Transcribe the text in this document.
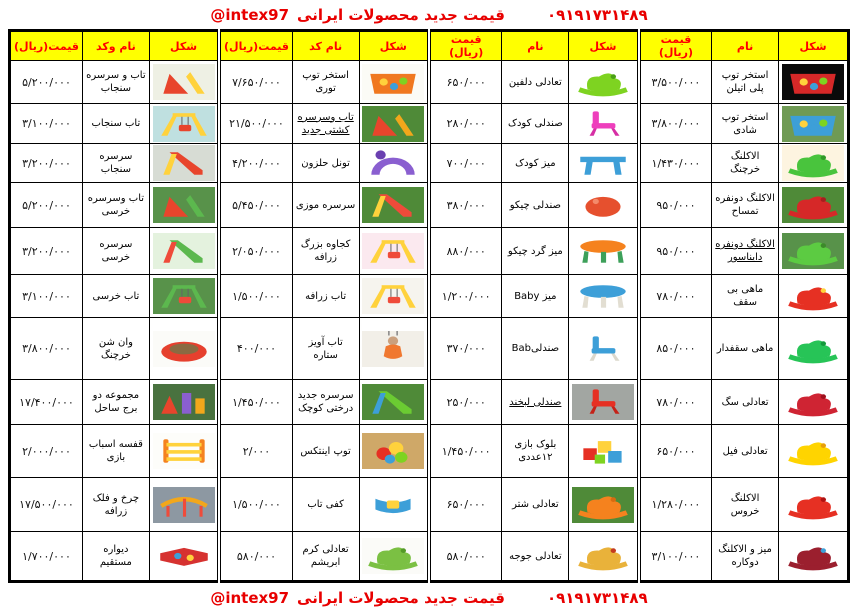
۰۹۱۹۱۷۳۱۴۸۹
قیمت جدید محصولات ایرانی
@intex97
قیمت(ریال)	نام وکد	شکل	قیمت(ریال)	نام کد	شکل	قیمت (ریال)	نام	شکل	قیمت (ریال)	نام	شکل
۵/۲۰۰/۰۰۰	تاب و سرسره سنجاب		۷/۶۵۰/۰۰۰	استخر توپ توری		۶۵۰/۰۰۰	تعادلی دلفین		۳/۵۰۰/۰۰۰	استخر توپ پلی اتیلن	

۳/۱۰۰/۰۰۰	تاب سنجاب		۲۱/۵۰۰/۰۰۰	تاب وسرسره کشتی جدید		۲۸۰/۰۰۰	صندلی کودک		۳/۸۰۰/۰۰۰	استخر توپ شادی	

۳/۲۰۰/۰۰۰	سرسره سنجاب		۴/۲۰۰/۰۰۰	تونل حلزون		۷۰۰/۰۰۰	میز کودک		۱/۴۳۰/۰۰۰	الاکلنگ خرچنگ	

۵/۲۰۰/۰۰۰	تاب وسرسره خرسی		۵/۴۵۰/۰۰۰	سرسره موزی		۳۸۰/۰۰۰	صندلی چیکو		۹۵۰/۰۰۰	الاکلنگ دونفره تمساح	

۳/۲۰۰/۰۰۰	سرسره خرسی		۲/۰۵۰/۰۰۰	کجاوه بزرگ زرافه		۸۸۰/۰۰۰	میز گرد چیکو		۹۵۰/۰۰۰	الاکلنگ دونفره دایناسور	

۳/۱۰۰/۰۰۰	تاب خرسی		۱/۵۰۰/۰۰۰	تاب زرافه		۱/۲۰۰/۰۰۰	میز Baby		۷۸۰/۰۰۰	ماهی بی سقف	

۳/۸۰۰/۰۰۰	وان شن خرچنگ		۴۰۰/۰۰۰	تاب آویز ستاره		۳۷۰/۰۰۰	صندلیBab		۸۵۰/۰۰۰	ماهی سقفدار	

۱۷/۴۰۰/۰۰۰	مجموعه دو برج ساحل		۱/۴۵۰/۰۰۰	سرسره جدید درختی کوچک		۲۵۰/۰۰۰	صندلی لبخند		۷۸۰/۰۰۰	تعادلی سگ	

۲/۰۰۰/۰۰۰	قفسه اسباب بازی		۲/۰۰۰	توپ اینتکس		۱/۴۵۰/۰۰۰	بلوک بازی ۱۲عددی		۶۵۰/۰۰۰	تعادلی فیل	

۱۷/۵۰۰/۰۰۰	چرخ و فلک زرافه		۱/۵۰۰/۰۰۰	کفی تاب		۶۵۰/۰۰۰	تعادلی شتر		۱/۲۸۰/۰۰۰	الاکلنگ خروس	

۱/۷۰۰/۰۰۰	دیواره مستقیم		۵۸۰/۰۰۰	تعادلی کرم ابریشم		۵۸۰/۰۰۰	تعادلی جوجه		۳/۱۰۰/۰۰۰	میز و الاکلنگ دوکاره	
۰۹۱۹۱۷۳۱۴۸۹
قیمت جدید محصولات ایرانی
@intex97
